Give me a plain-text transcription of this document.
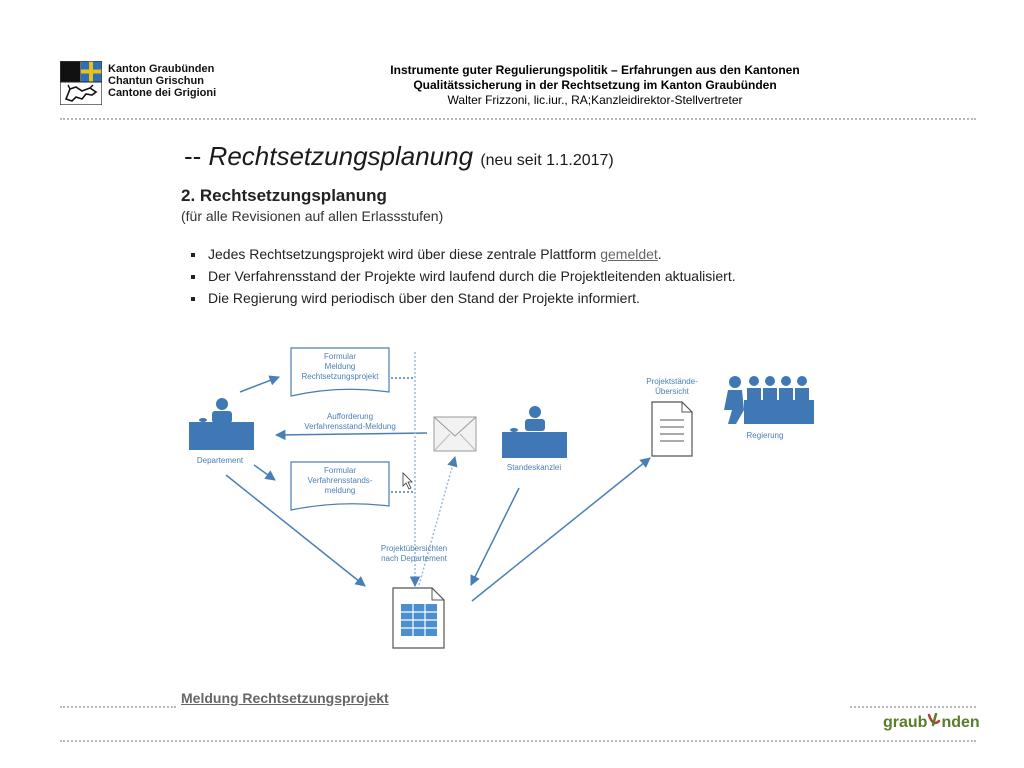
Kanton Graubünden
Chantun Grischun
Cantone dei Grigioni
Instrumente guter Regulierungspolitik – Erfahrungen aus den Kantonen
Qualitätssicherung in der Rechtsetzung im Kanton Graubünden
Walter Frizzoni, lic.iur., RA;Kanzleidirektor-Stellvertreter
-- Rechtsetzungsplanung (neu seit 1.1.2017)
2. Rechtsetzungsplanung
(für alle Revisionen auf allen Erlassstufen)
▪ Jedes Rechtsetzungsprojekt wird über diese zentrale Plattform gemeldet.
▪ Der Verfahrensstand der Projekte wird laufend durch die Projektleitenden aktualisiert.
▪ Die Regierung wird periodisch über den Stand der Projekte informiert.
Formular
Meldung
Rechtsetzungsprojekt
Aufforderung
Verfahrensstand-Meldung
Formular
Verfahrensstands-
meldung
Departement
Standeskanzlei
Projektstände-
Übersicht
Regierung
Projektübersichten
nach Departement
Meldung Rechtsetzungsprojekt
graub nden
